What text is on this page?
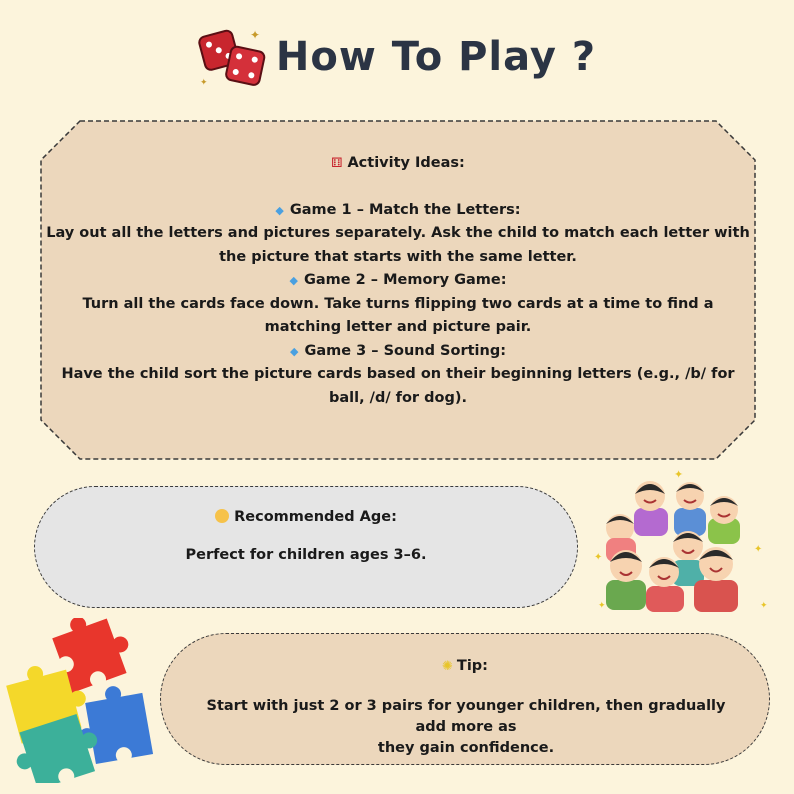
✦
✦
How To Play ?
⚅ Activity Ideas:
◆ Game 1 – Match the Letters:
Lay out all the letters and pictures separately. Ask the child to match each letter with
the picture that starts with the same letter.
◆ Game 2 – Memory Game:
Turn all the cards face down. Take turns flipping two cards at a time to find a
matching letter and picture pair.
◆ Game 3 – Sound Sorting:
Have the child sort the picture cards based on their beginning letters (e.g., /b/ for
ball, /d/ for dog).
Recommended Age:
Perfect for children ages 3–6.
✦
✦
✦
✦	✦
✺ Tip:
Start with just 2 or 3 pairs for younger children, then gradually add more as
they gain confidence.
